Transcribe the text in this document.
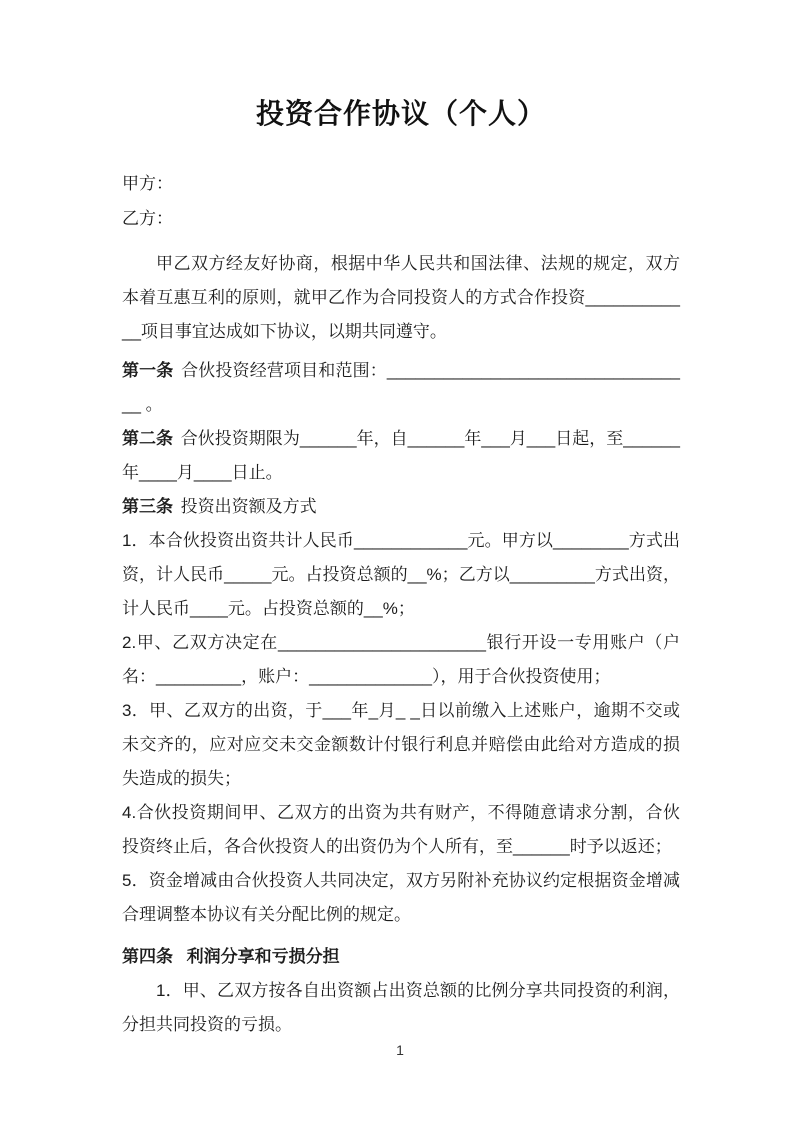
投资合作协议（个人）

甲方：

乙方：

甲乙双方经友好协商，根据中华人民共和国法律、法规的规定，双方本着互惠互利的原则，就甲乙作为合同投资人的方式合作投资____________项目事宜达成如下协议，以期共同遵守。

第一条 合伙投资经营项目和范围：_________________________________ 。

第二条 合伙投资期限为______年，自______年___月___日起，至______年____月____日止。

第三条 投资出资额及方式

1．本合伙投资出资共计人民币____________元。甲方以________方式出资，计人民币_____元。占投资总额的__%；乙方以_________方式出资，计人民币____元。占投资总额的__%；

2.甲、乙双方决定在______________________银行开设一专用账户（户名：_________，账户：_____________），用于合伙投资使用；

3．甲、乙双方的出资，于___年_月_ _日以前缴入上述账户，逾期不交或未交齐的，应对应交未交金额数计付银行利息并赔偿由此给对方造成的损失造成的损失；

4.合伙投资期间甲、乙双方的出资为共有财产，不得随意请求分割，合伙投资终止后，各合伙投资人的出资仍为个人所有，至______时予以返还；

5．资金增减由合伙投资人共同决定，双方另附补充协议约定根据资金增减合理调整本协议有关分配比例的规定。

第四条 利润分享和亏损分担

1．甲、乙双方按各自出资额占出资总额的比例分享共同投资的利润，分担共同投资的亏损。

1
